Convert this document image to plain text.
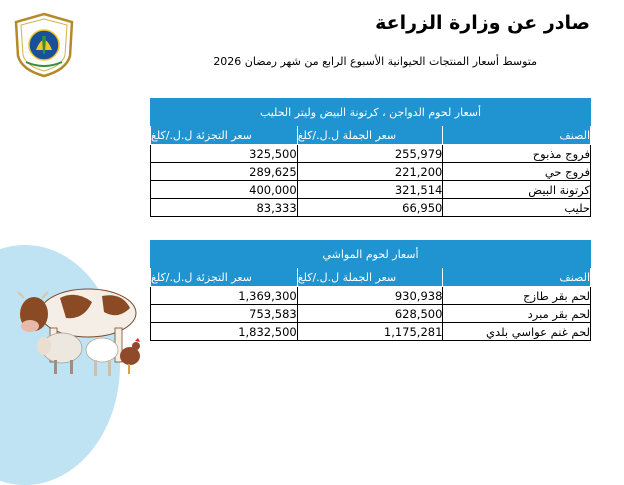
صادر عن وزارة الزراعة
متوسط أسعار المنتجات الحيوانية الأسبوع الرابع من شهر رمضان 2026
أسعار لحوم الدواجن ، كرتونة البيض وليتر الحليب		
الصنف	سعر الجملة ل.ل./كلغ	سعر التجزئة ل.ل./كلغ
فروج مذبوح	255,979	325,500
فروج حي	221,200	289,625
كرتونة البيض	321,514	400,000
حليب	66,950	83,333
أسعار لحوم المواشي		
الصنف	سعر الجملة ل.ل./كلغ	سعر التجزئة ل.ل./كلغ
لحم بقر طازج	930,938	1,369,300
لحم بقر مبرد	628,500	753,583
لحم غنم عواسي بلدي	1,175,281	1,832,500
